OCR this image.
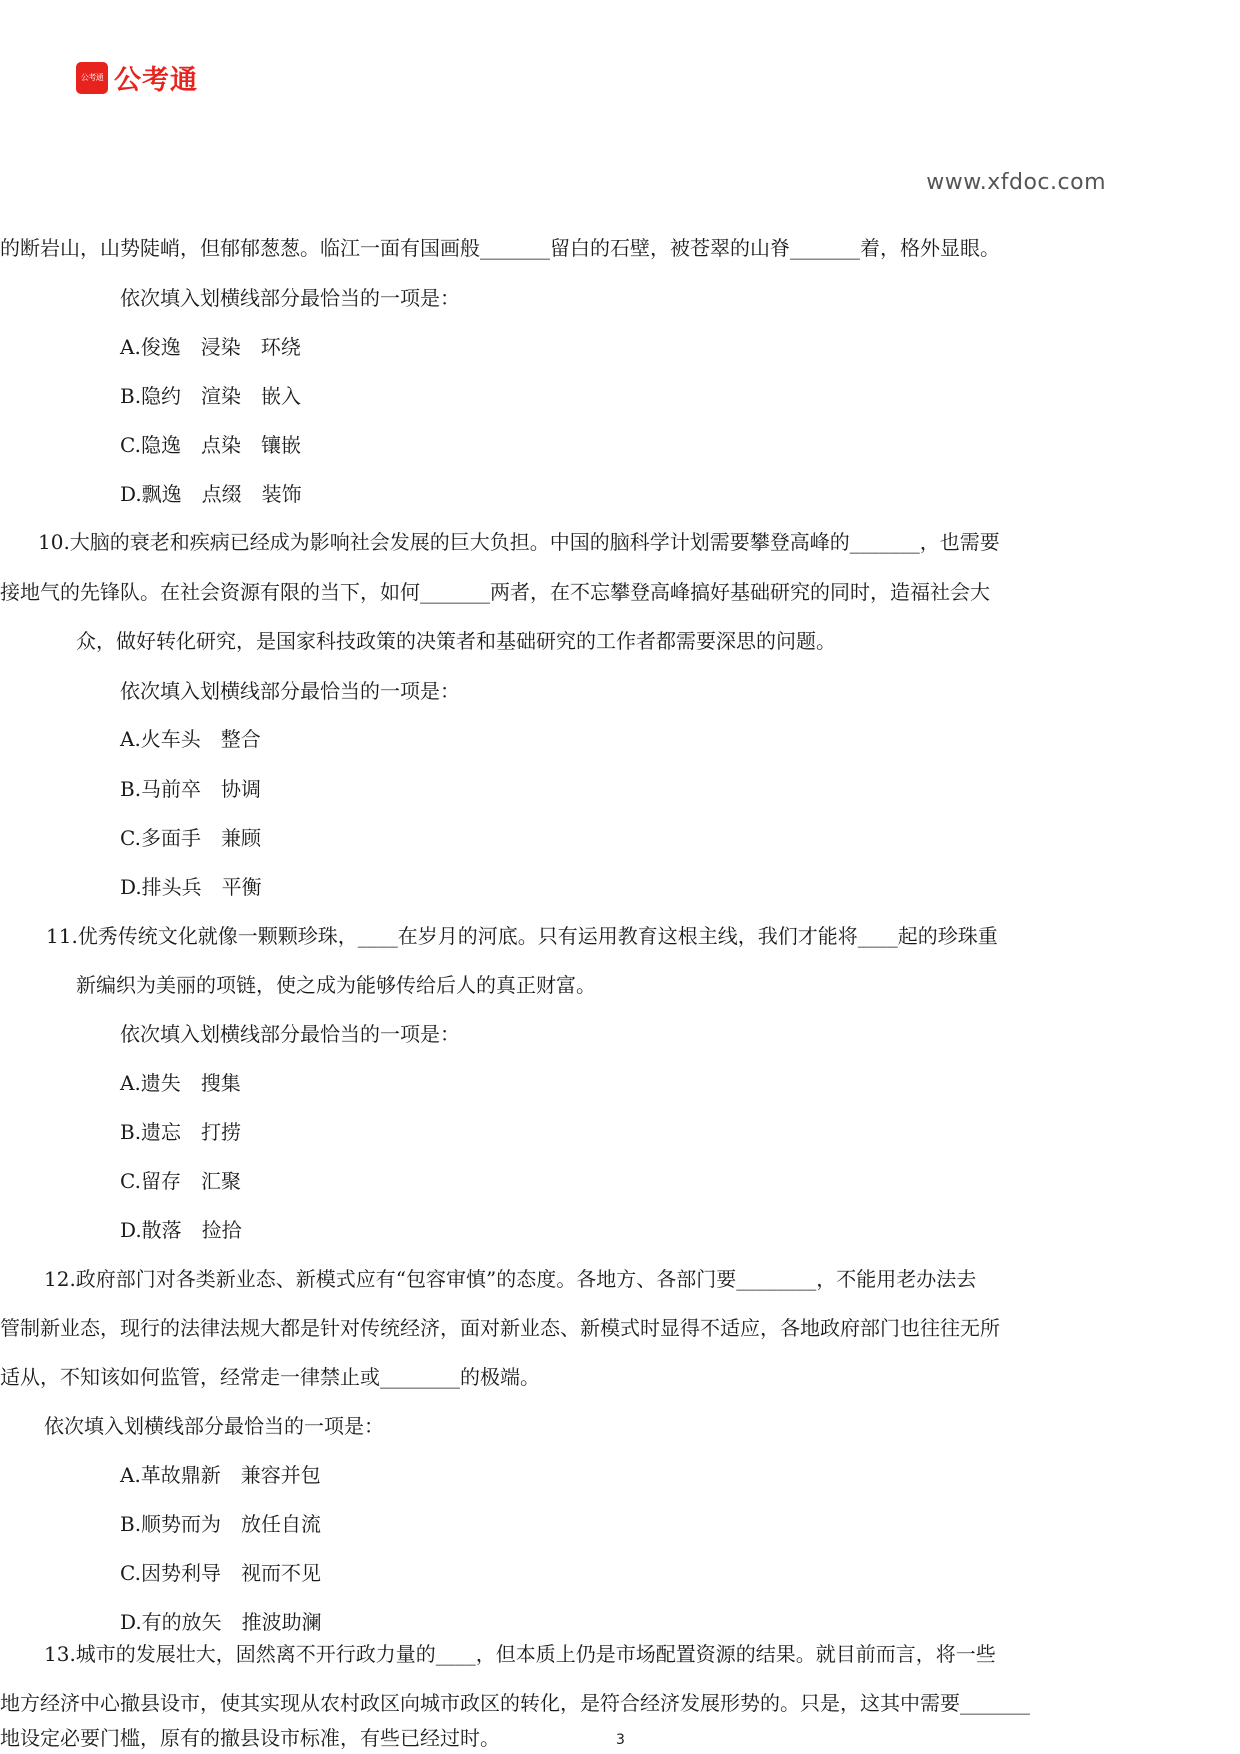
公考通 公考通
www.xfdoc.com
的断岩山，山势陡峭，但郁郁葱葱。临江一面有国画般_______留白的石壁，被苍翠的山脊_______着，格外显眼。
依次填入划横线部分最恰当的一项是：
A.俊逸　浸染　环绕
B.隐约　渲染　嵌入
C.隐逸　点染　镶嵌
D.飘逸　点缀　装饰
10.大脑的衰老和疾病已经成为影响社会发展的巨大负担。中国的脑科学计划需要攀登高峰的_______，也需要
接地气的先锋队。在社会资源有限的当下，如何_______两者，在不忘攀登高峰搞好基础研究的同时，造福社会大
众，做好转化研究，是国家科技政策的决策者和基础研究的工作者都需要深思的问题。
依次填入划横线部分最恰当的一项是：
A.火车头　整合
B.马前卒　协调
C.多面手　兼顾
D.排头兵　平衡
11.优秀传统文化就像一颗颗珍珠，____在岁月的河底。只有运用教育这根主线，我们才能将____起的珍珠重
新编织为美丽的项链，使之成为能够传给后人的真正财富。
依次填入划横线部分最恰当的一项是：
A.遗失　搜集
B.遗忘　打捞
C.留存　汇聚
D.散落　捡拾
12.政府部门对各类新业态、新模式应有“包容审慎”的态度。各地方、各部门要________，不能用老办法去
管制新业态，现行的法律法规大都是针对传统经济，面对新业态、新模式时显得不适应，各地政府部门也往往无所
适从，不知该如何监管，经常走一律禁止或________的极端。
依次填入划横线部分最恰当的一项是：
A.革故鼎新　兼容并包
B.顺势而为　放任自流
C.因势利导　视而不见
D.有的放矢　推波助澜
13.城市的发展壮大，固然离不开行政力量的____，但本质上仍是市场配置资源的结果。就目前而言，将一些
地方经济中心撤县设市，使其实现从农村政区向城市政区的转化，是符合经济发展形势的。只是，这其中需要_______
地设定必要门槛，原有的撤县设市标准，有些已经过时。	3
